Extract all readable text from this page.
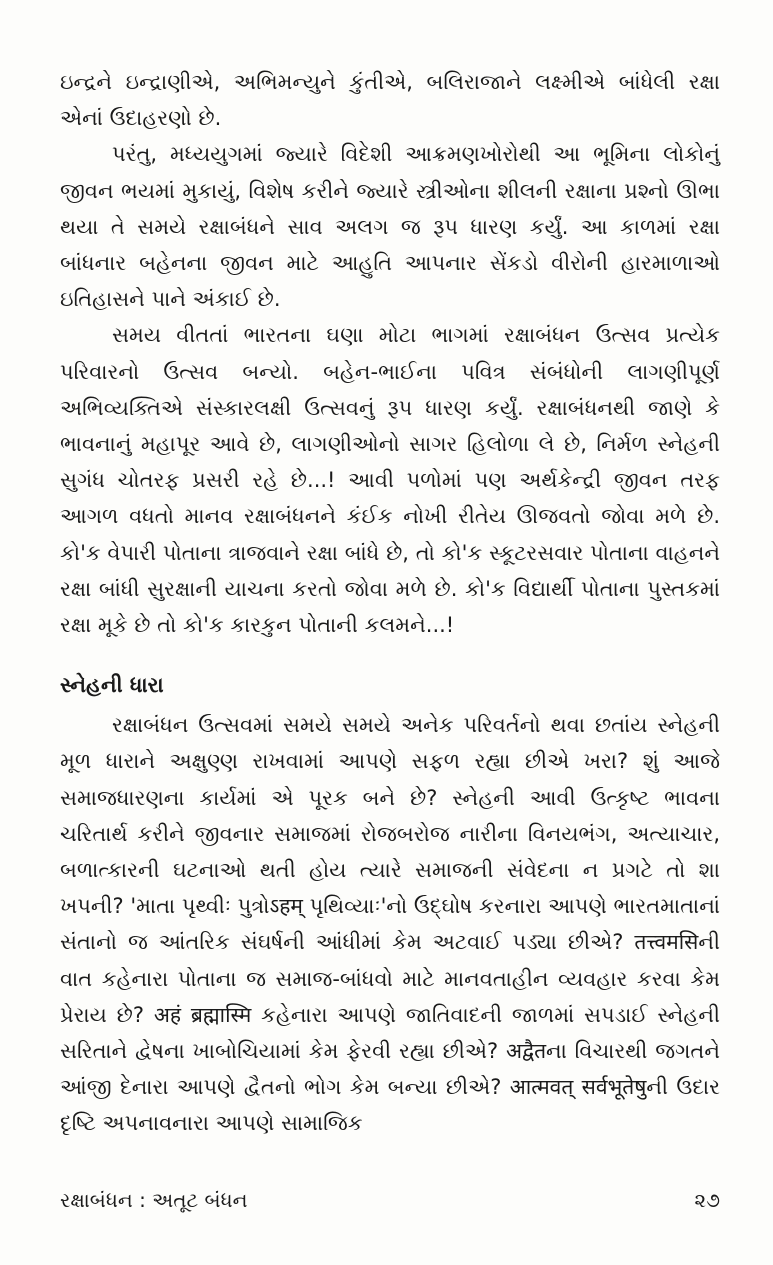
ઇન્દ્રને ઇન્દ્રાણીએ, અભિમન્યુને કુંતીએ, બલિરાજાને લક્ષ્મીએ બાંધેલી રક્ષા એનાં ઉદાહરણો છે.

પરંતુ, મધ્યયુગમાં જ્યારે વિદેશી આક્રમણખોરોથી આ ભૂમિના લોકોનું જીવન ભયમાં મુકાયું, વિશેષ કરીને જ્યારે સ્ત્રીઓના શીલની રક્ષાના પ્રશ્નો ઊભા થયા તે સમયે રક્ષાબંધને સાવ અલગ જ રૂપ ધારણ કર્યું. આ કાળમાં રક્ષા બાંધનાર બહેનના જીવન માટે આહુતિ આપનાર સેંકડો વીરોની હારમાળાઓ ઇતિહાસને પાને અંકાઈ છે.

સમય વીતતાં ભારતના ઘણા મોટા ભાગમાં રક્ષાબંધન ઉત્સવ પ્રત્યેક પરિવારનો ઉત્સવ બન્યો. બહેન-ભાઈના પવિત્ર સંબંધોની લાગણીપૂર્ણ અભિવ્યક્તિએ સંસ્કારલક્ષી ઉત્સવનું રૂપ ધારણ કર્યું. રક્ષાબંધનથી જાણે કે ભાવનાનું મહાપૂર આવે છે, લાગણીઓનો સાગર હિલોળા લે છે, નિર્મળ સ્નેહની સુગંધ ચોતરફ પ્રસરી રહે છે...! આવી પળોમાં પણ અર્થકેન્દ્રી જીવન તરફ આગળ વધતો માનવ રક્ષાબંધનને કંઈક નોખી રીતેય ઊજવતો જોવા મળે છે. કો'ક વેપારી પોતાના ત્રાજવાને રક્ષા બાંધે છે, તો કો'ક સ્કૂટરસવાર પોતાના વાહનને રક્ષા બાંધી સુરક્ષાની યાચના કરતો જોવા મળે છે. કો'ક વિદ્યાર્થી પોતાના પુસ્તકમાં રક્ષા મૂકે છે તો કો'ક કારકુન પોતાની કલમને...!

સ્નેહની ધારા

રક્ષાબંધન ઉત્સવમાં સમયે સમયે અનેક પરિવર્તનો થવા છતાંય સ્નેહની મૂળ ધારાને અક્ષુણ્ણ રાખવામાં આપણે સફળ રહ્યા છીએ ખરા? શું આજે સમાજધારણના કાર્યમાં એ પૂરક બને છે? સ્નેહની આવી ઉત્કૃષ્ટ ભાવના ચરિતાર્થ કરીને જીવનાર સમાજમાં રોજબરોજ નારીના વિનયભંગ, અત્યાચાર, બળાત્કારની ઘટનાઓ થતી હોય ત્યારે સમાજની સંવેદના ન પ્રગટે તો શા ખપની? 'માતા પૃથ્વીઃ પુત્રોऽहम् પૃથિવ્યાઃ'નો ઉદ્‌ઘોષ કરનારા આપણે ભારતમાતાનાં સંતાનો જ આંતરિક સંઘર્ષની આંધીમાં કેમ અટવાઈ પડ્યા છીએ? तत्त्वमसिની વાત કહેનારા પોતાના જ સમાજ-બાંધવો માટે માનવતાહીન વ્યવહાર કરવા કેમ પ્રેરાય છે? अहं ब्रह्मास्मि કહેનારા આપણે જાતિવાદની જાળમાં સપડાઈ સ્નેહની સરિતાને દ્વેષના ખાબોચિયામાં કેમ ફેરવી રહ્યા છીએ? अद्वैतના વિચારથી જગતને આંજી દેનારા આપણે દ્વૈતનો ભોગ કેમ બન્યા છીએ? आत्मवत् सर्वभूतेषुની ઉદાર દૃષ્ટિ અપનાવનારા આપણે સામાજિક

રક્ષાબંધન : અતૂટ બંધન	૨૭
